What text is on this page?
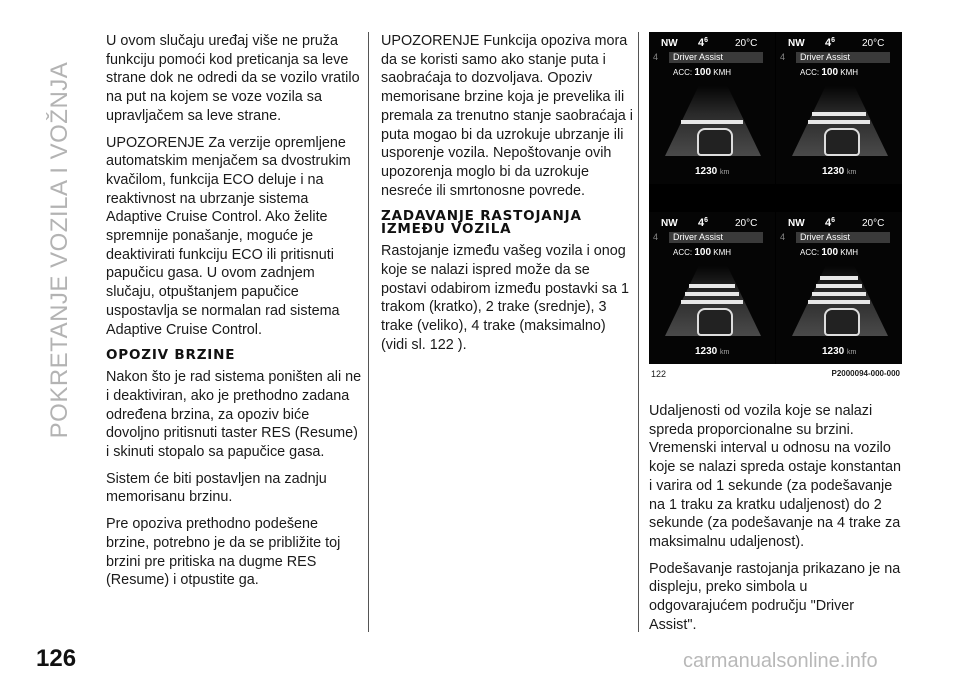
POKRETANJE VOZILA I VOŽNJA

U ovom slučaju uređaj više ne pruža funkciju pomoći kod preticanja sa leve strane dok ne odredi da se vozilo vratilo na put na kojem se voze vozila sa upravljačem sa leve strane.

UPOZORENJE Za verzije opremljene automatskim menjačem sa dvostrukim kvačilom, funkcija ECO deluje i na reaktivnost na ubrzanje sistema Adaptive Cruise Control. Ako želite spremnije ponašanje, moguće je deaktivirati funkciju ECO ili pritisnuti papučicu gasa. U ovom zadnjem slučaju, otpuštanjem papučice uspostavlja se normalan rad sistema Adaptive Cruise Control.

OPOZIV BRZINE

Nakon što je rad sistema poništen ali ne i deaktiviran, ako je prethodno zadana određena brzina, za opoziv biće dovoljno pritisnuti taster RES (Resume) i skinuti stopalo sa papučice gasa.

Sistem će biti postavljen na zadnju memorisanu brzinu.

Pre opoziva prethodno podešene brzine, potrebno je da se približite toj brzini pre pritiska na dugme RES (Resume) i otpustite ga.

UPOZORENJE Funkcija opoziva mora da se koristi samo ako stanje puta i saobraćaja to dozvoljava. Opoziv memorisane brzine koja je prevelika ili premala za trenutno stanje saobraćaja i puta mogao bi da uzrokuje ubrzanje ili usporenje vozila. Nepoštovanje ovih upozorenja moglo bi da uzrokuje nesreće ili smrtonosne povrede.

ZADAVANJE RASTOJANJA IZMEĐU VOZILA

Rastojanje između vašeg vozila i onog koje se nalazi ispred može da se postavi odabirom između postavki sa 1 trakom (kratko), 2 trake (srednje), 3 trake (veliko), 4 trake (maksimalno) (vidi sl. 122 ).

NW $4^6$	20°C
4	Driver Assist
ACC: 100 KMH
1230 km
NW $4^6$	20°C
4	Driver Assist
ACC: 100 KMH
1230 km
NW $4^6$	20°C
4	Driver Assist
ACC: 100 KMH
1230 km
NW $4^6$	20°C
4	Driver Assist
ACC: 100 KMH
1230 km
122	P2000094-000-000

Udaljenosti od vozila koje se nalazi spreda proporcionalne su brzini. Vremenski interval u odnosu na vozilo koje se nalazi spreda ostaje konstantan i varira od 1 sekunde (za podešavanje na 1 traku za kratku udaljenost) do 2 sekunde (za podešavanje na 4 trake za maksimalnu udaljenost).

Podešavanje rastojanja prikazano je na displeju, preko simbola u odgovarajućem području "Driver Assist".

126	carmanualsonline.info
